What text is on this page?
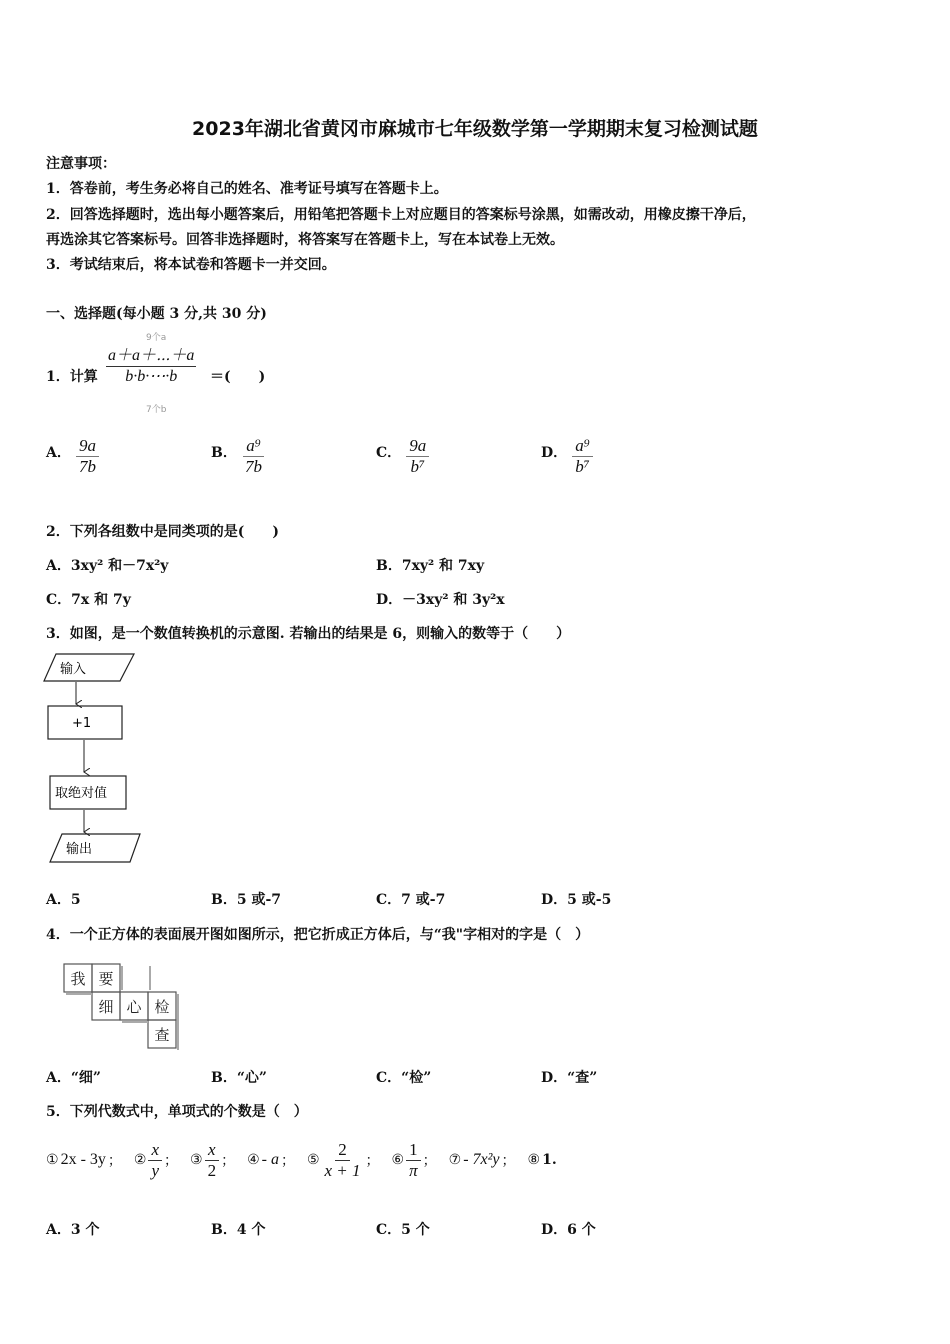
2023年湖北省黄冈市麻城市七年级数学第一学期期末复习检测试题
注意事项：
1．答卷前，考生务必将自己的姓名、准考证号填写在答题卡上。
2．回答选择题时，选出每小题答案后，用铅笔把答题卡上对应题目的答案标号涂黑，如需改动，用橡皮擦干净后，
再选涂其它答案标号。回答非选择题时，将答案写在答题卡上，写在本试卷上无效。
3．考试结束后，将本试卷和答题卡一并交回。
一、选择题(每小题 3 分,共 30 分)
9个a
1．计算 $\frac{a+a+\cdots+a}{b\cdot b\cdot\cdots\cdot b}$
7个b
＝(　　)
A． $\frac{9a}{7b}$	B． $\frac{\text{a⁹}}{7b}$	C． $\frac{9a}{\text{b⁷}}$	D． $\frac{\text{a⁹}}{\text{b⁷}}$
2．下列各组数中是同类项的是(　　)
A．3xy² 和－7x²y	B．7xy² 和 7xy
C．7x 和 7y	D．－3xy² 和 3y²x
3．如图，是一个数值转换机的示意图. 若输出的结果是 6，则输入的数等于（　　）
输入
+1
取绝对值
输出
A．5	B．5 或-7	C．7 或-7	D．5 或-5
4．一个正方体的表面展开图如图所示，把它折成正方体后，与“我"字相对的字是（　）
我 要
细 心 检
查
A．“细”	B．“心”	C．“检”	D．“查”
5．下列代数式中，单项式的个数是（　）
① 2x - 3y ； ② $\frac{x}{y}$ ； ③ $\frac{x}{2}$ ； ④ - a ； ⑤ $\frac{2}{x + 1}$ ； ⑥ $\frac{1}{\pi}$ ； ⑦ - 7x²y ； ⑧ 1.
A．3 个	B．4 个	C．5 个	D．6 个
